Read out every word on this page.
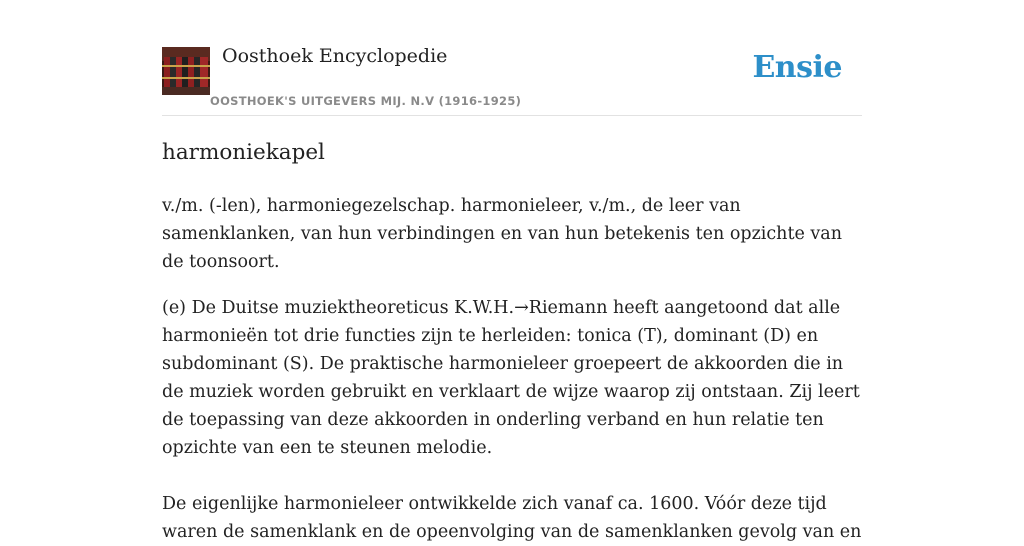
Oosthoek Encyclopedie
OOSTHOEK'S UITGEVERS MIJ. N.V (1916-1925)
Ensie
harmoniekapel

v./m. (-len), harmoniegezelschap. harmonieleer, v./m., de leer van samenklanken, van hun verbindingen en van hun betekenis ten opzichte van de toonsoort.

(e) De Duitse muziektheoreticus K.W.H.→Riemann heeft aangetoond dat alle harmonieën tot drie functies zijn te herleiden: tonica (T), dominant (D) en subdominant (S). De praktische harmonieleer groepeert de akkoorden die in de muziek worden gebruikt en verklaart de wijze waarop zij ontstaan. Zij leert de toepassing van deze akkoorden in onderling verband en hun relatie ten opzichte van een te steunen melodie.

De eigenlijke harmonieleer ontwikkelde zich vanaf ca. 1600. Vóór deze tijd waren de samenklank en de opeenvolging van de samenklanken gevolg van en
